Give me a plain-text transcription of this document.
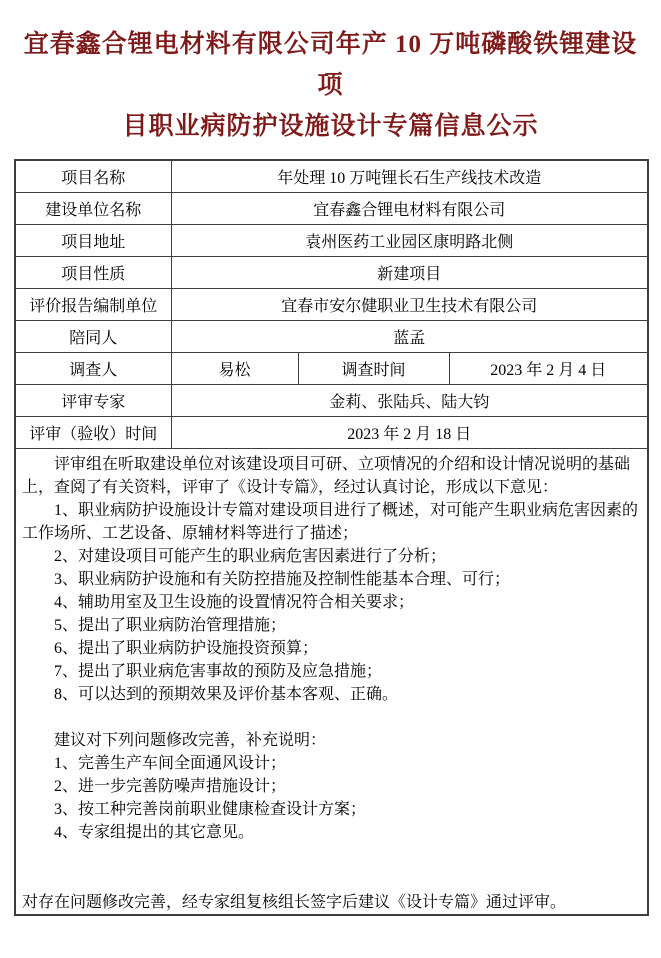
宜春鑫合锂电材料有限公司年产 10 万吨磷酸铁锂建设项
目职业病防护设施设计专篇信息公示
项目名称	年处理 10 万吨锂长石生产线技术改造		
建设单位名称	宜春鑫合锂电材料有限公司		
项目地址	袁州医药工业园区康明路北侧		
项目性质	新建项目		
评价报告编制单位	宜春市安尔健职业卫生技术有限公司		
陪同人	蓝孟		
调查人	易松	调查时间	2023 年 2 月 4 日
评审专家	金莉、张陆兵、陆大钧		
评审（验收）时间	2023 年 2 月 18 日		

评审组在听取建设单位对该建设项目可研、立项情况的介绍和设计情况说明的基础上，查阅了有关资料，评审了《设计专篇》，经过认真讨论，形成以下意见：

1、职业病防护设施设计专篇对建设项目进行了概述，对可能产生职业病危害因素的工作场所、工艺设备、原辅材料等进行了描述；

2、对建设项目可能产生的职业病危害因素进行了分析；

3、职业病防护设施和有关防控措施及控制性能基本合理、可行；

4、辅助用室及卫生设施的设置情况符合相关要求；

5、提出了职业病防治管理措施；

6、提出了职业病防护设施投资预算；

7、提出了职业病危害事故的预防及应急措施；

8、可以达到的预期效果及评价基本客观、正确。

建议对下列问题修改完善，补充说明：

1、完善生产车间全面通风设计；

2、进一步完善防噪声措施设计；

3、按工种完善岗前职业健康检查设计方案；

4、专家组提出的其它意见。

对存在问题修改完善，经专家组复核组长签字后建议《设计专篇》通过评审。
